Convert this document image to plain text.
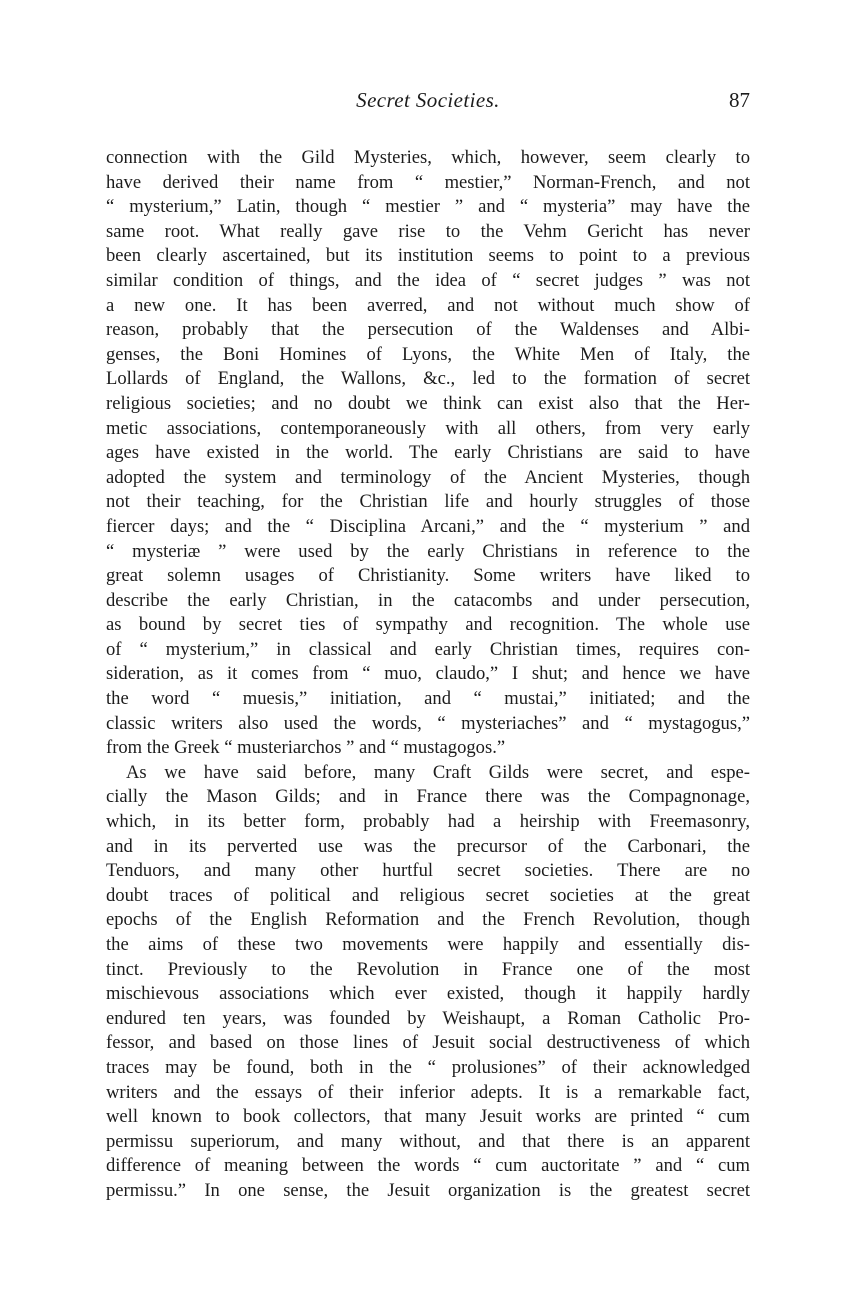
Secret Societies.	87
connection with the Gild Mysteries, which, however, seem clearly to
have derived their name from “ mestier,” Norman-French, and not
“ mysterium,” Latin, though “ mestier ” and “ mysteria” may have the
same root. What really gave rise to the Vehm Gericht has never
been clearly ascertained, but its institution seems to point to a previous
similar condition of things, and the idea of “ secret judges ” was not
a new one. It has been averred, and not without much show of
reason, probably that the persecution of the Waldenses and Albi-
genses, the Boni Homines of Lyons, the White Men of Italy, the
Lollards of England, the Wallons, &c., led to the formation of secret
religious societies; and no doubt we think can exist also that the Her-
metic associations, contemporaneously with all others, from very early
ages have existed in the world. The early Christians are said to have
adopted the system and terminology of the Ancient Mysteries, though
not their teaching, for the Christian life and hourly struggles of those
fiercer days; and the “ Disciplina Arcani,” and the “ mysterium ” and
“ mysteriæ ” were used by the early Christians in reference to the
great solemn usages of Christianity. Some writers have liked to
describe the early Christian, in the catacombs and under persecution,
as bound by secret ties of sympathy and recognition. The whole use
of “ mysterium,” in classical and early Christian times, requires con-
sideration, as it comes from “ muo, claudo,” I shut; and hence we have
the word “ muesis,” initiation, and “ mustai,” initiated; and the
classic writers also used the words, “ mysteriaches” and “ mystagogus,”
from the Greek “ musteriarchos ” and “ mustagogos.”
As we have said before, many Craft Gilds were secret, and espe-
cially the Mason Gilds; and in France there was the Compagnonage,
which, in its better form, probably had a heirship with Freemasonry,
and in its perverted use was the precursor of the Carbonari, the
Tenduors, and many other hurtful secret societies. There are no
doubt traces of political and religious secret societies at the great
epochs of the English Reformation and the French Revolution, though
the aims of these two movements were happily and essentially dis-
tinct. Previously to the Revolution in France one of the most
mischievous associations which ever existed, though it happily hardly
endured ten years, was founded by Weishaupt, a Roman Catholic Pro-
fessor, and based on those lines of Jesuit social destructiveness of which
traces may be found, both in the “ prolusiones” of their acknowledged
writers and the essays of their inferior adepts. It is a remarkable fact,
well known to book collectors, that many Jesuit works are printed “ cum
permissu superiorum, and many without, and that there is an apparent
difference of meaning between the words “ cum auctoritate ” and “ cum
permissu.” In one sense, the Jesuit organization is the greatest secret
